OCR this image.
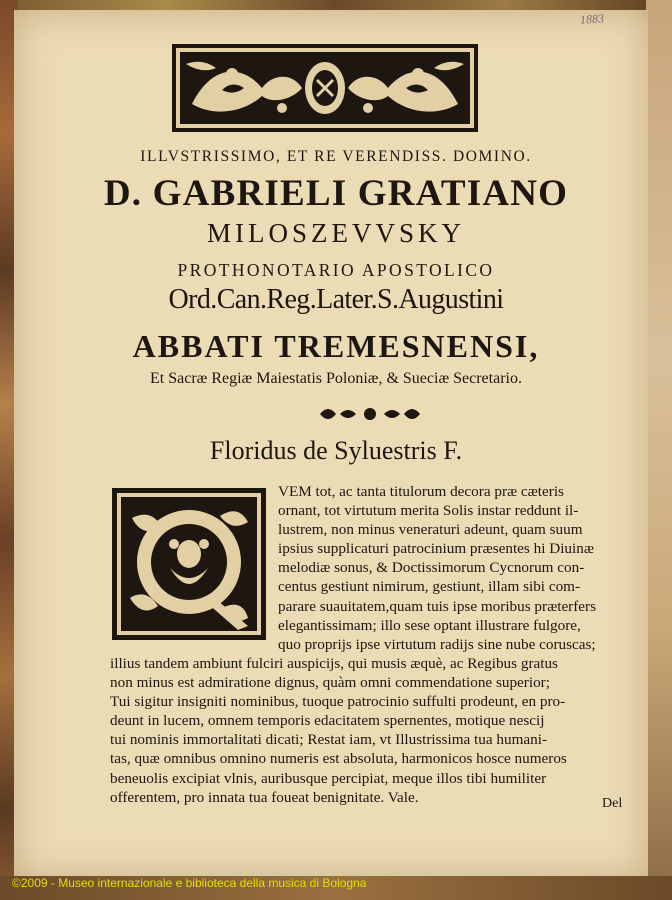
1883
ILLVSTRISSIMO, ET RE VERENDISS. DOMINO.
D. GABRIELI GRATIANO
MILOSZEVVSKY
PROTHONOTARIO APOSTOLICO
Ord.Can.Reg.Later.S.Augustini
ABBATI TREMESNENSI,
Et Sacræ Regiæ Maiestatis Poloniæ, & Sueciæ Secretario.
Floridus de Syluestris F.
VEM tot, ac tanta titulorum decora præ cæteris
ornant, tot virtutum merita Solis instar reddunt il-
lustrem, non minus veneraturi adeunt, quam suum
ipsius supplicaturi patrocinium præsentes hi Diuinæ
melodiæ sonus, & Doctissimorum Cycnorum con-
centus gestiunt nimirum, gestiunt, illam sibi com-
parare suauitatem,quam tuis ipse moribus præterfers
elegantissimam; illo sese optant illustrare fulgore,
quo proprijs ipse virtutum radijs sine nube coruscas;
illius tandem ambiunt fulciri auspicijs, qui musis æquè, ac Regibus gratus
non minus est admiratione dignus, quàm omni commendatione superior;
Tui sigitur insigniti nominibus, tuoque patrocinio suffulti prodeunt, en pro-
deunt in lucem, omnem temporis edacitatem spernentes, motique nescij
tui nominis immortalitati dicati; Restat iam, vt Illustrissima tua humani-
tas, quæ omnibus omnino numeris est absoluta, harmonicos hosce numeros
beneuolis excipiat vlnis, auribusque percipiat, meque illos tibi humiliter
offerentem, pro innata tua foueat benignitate. Vale.	Del
©2009 - Museo internazionale e biblioteca della musica di Bologna
